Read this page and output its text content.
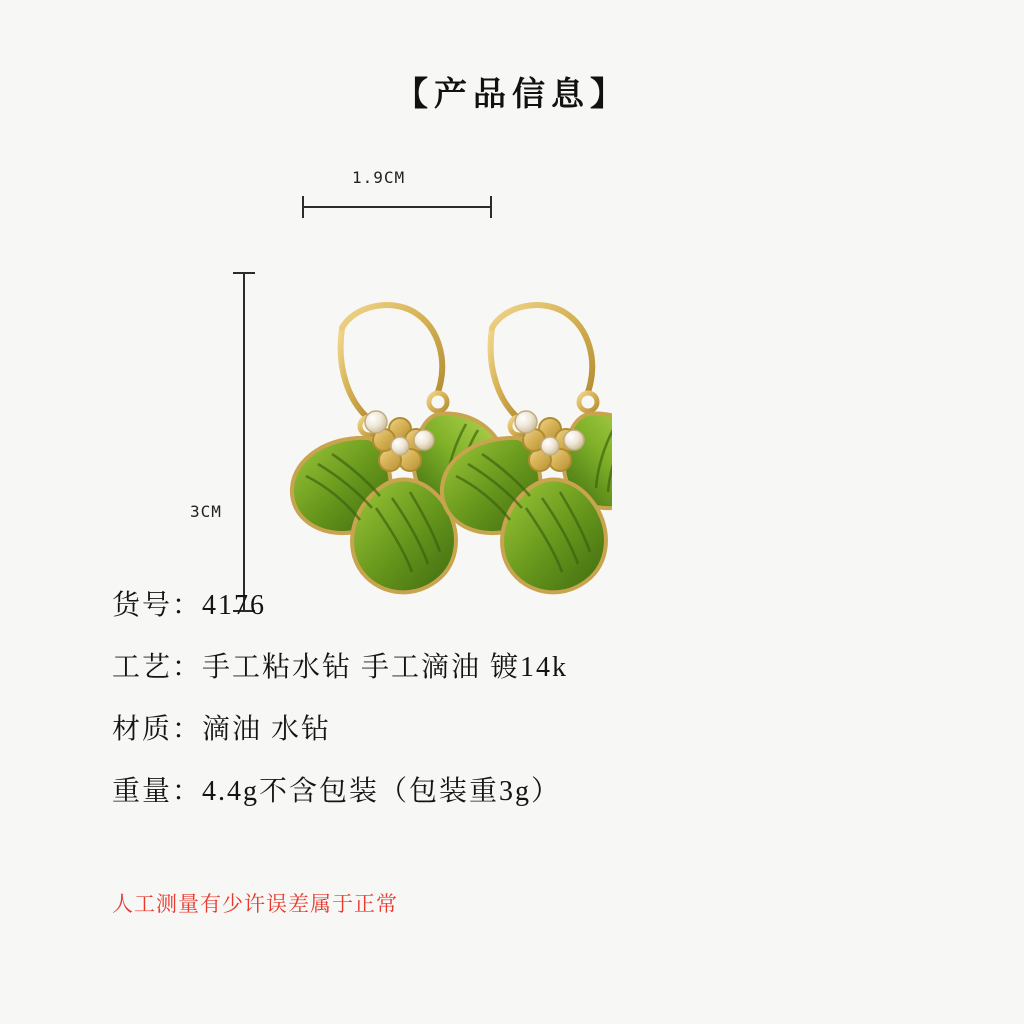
【产品信息】
1.9CM
3CM
货号：4176
工艺：手工粘水钻 手工滴油 镀14k
材质：滴油 水钻
重量：4.4g不含包装（包装重3g）
人工测量有少许误差属于正常
